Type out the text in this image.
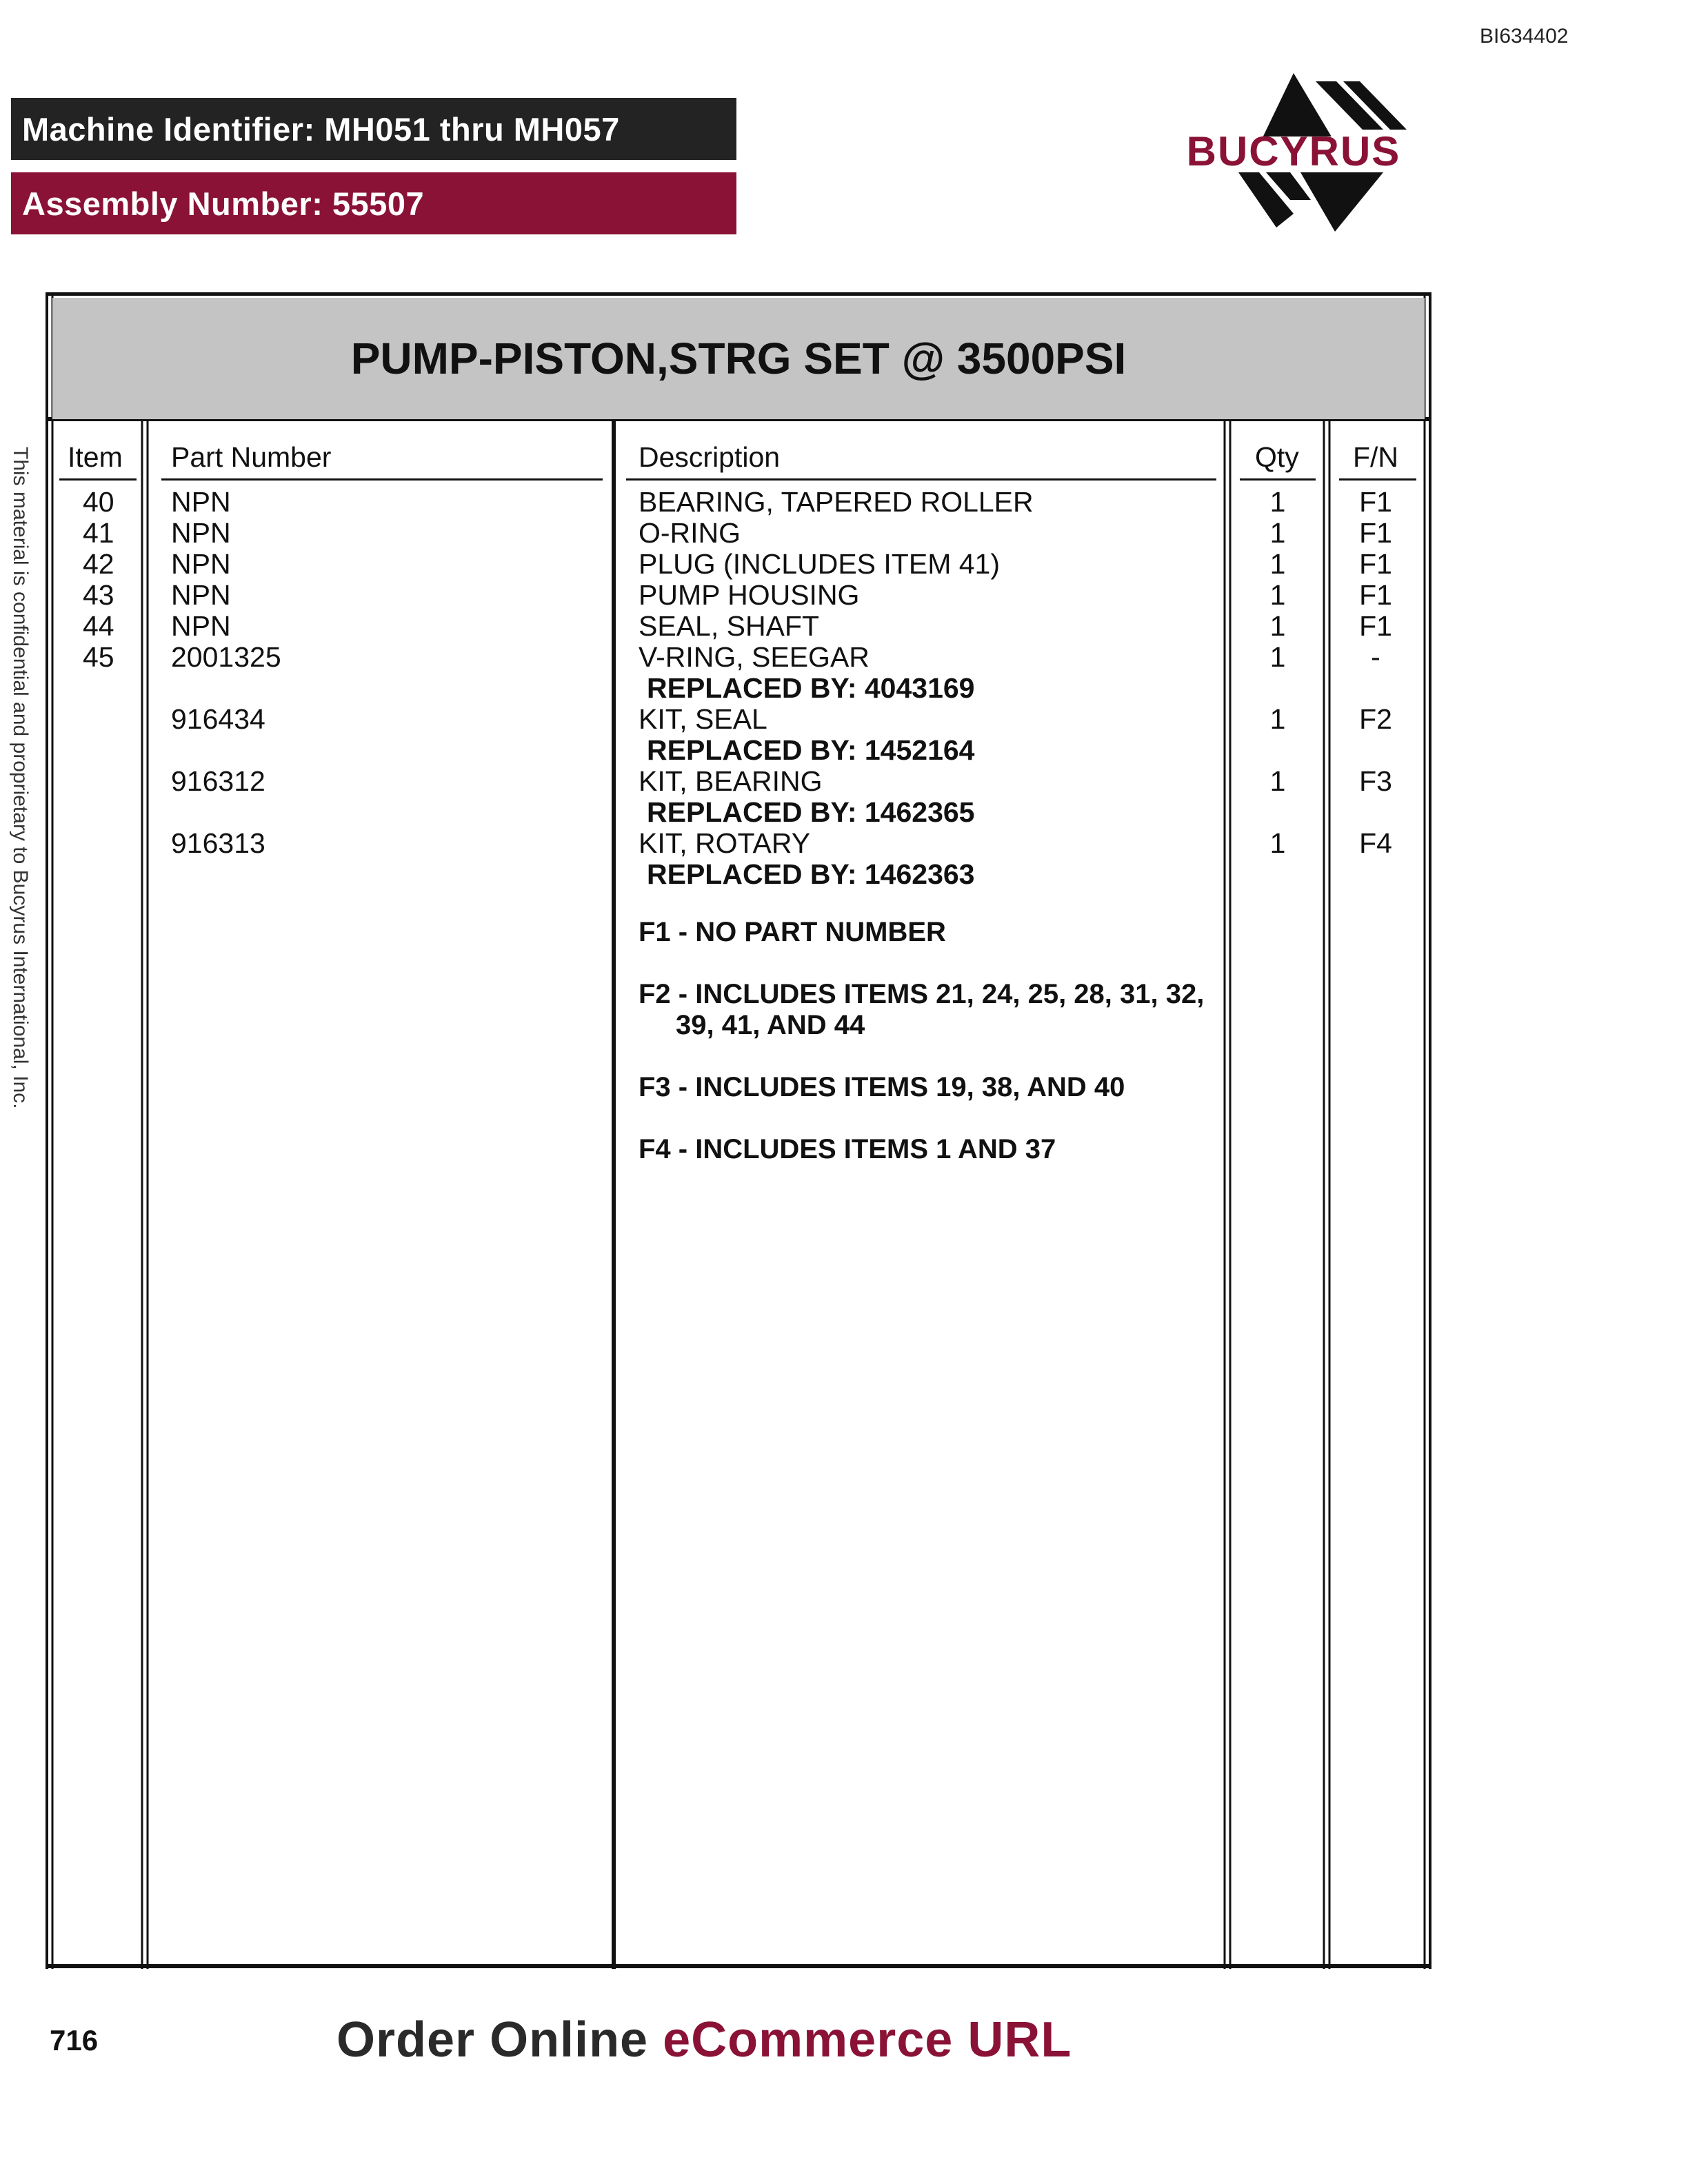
BI634402
Machine Identifier: MH051 thru MH057
Assembly Number: 55507
BUCYRUS
This material is confidential and proprietary to Bucyrus International, Inc.
PUMP-PISTON,STRG SET @ 3500PSI
Item Part Number	Description	Qty F/N
40 NPN	BEARING, TAPERED ROLLER	1	F1
41 NPN	O-RING	1	F1
42 NPN	PLUG (INCLUDES ITEM 41)	1	F1
43 NPN	PUMP HOUSING	1	F1
44 NPN	SEAL, SHAFT	1	F1
45 2001325	V-RING, SEEGAR	1	-
REPLACED BY: 4043169
916434	KIT, SEAL	1	F2
REPLACED BY: 1452164
916312	KIT, BEARING	1	F3
REPLACED BY: 1462365
916313	KIT, ROTARY	1	F4
REPLACED BY: 1462363
F1 - NO PART NUMBER
F2 - INCLUDES ITEMS 21, 24, 25, 28, 31, 32,
39, 41, AND 44
F3 - INCLUDES ITEMS 19, 38, AND 40
F4 - INCLUDES ITEMS 1 AND 37
716	Order Online eCommerce URL
